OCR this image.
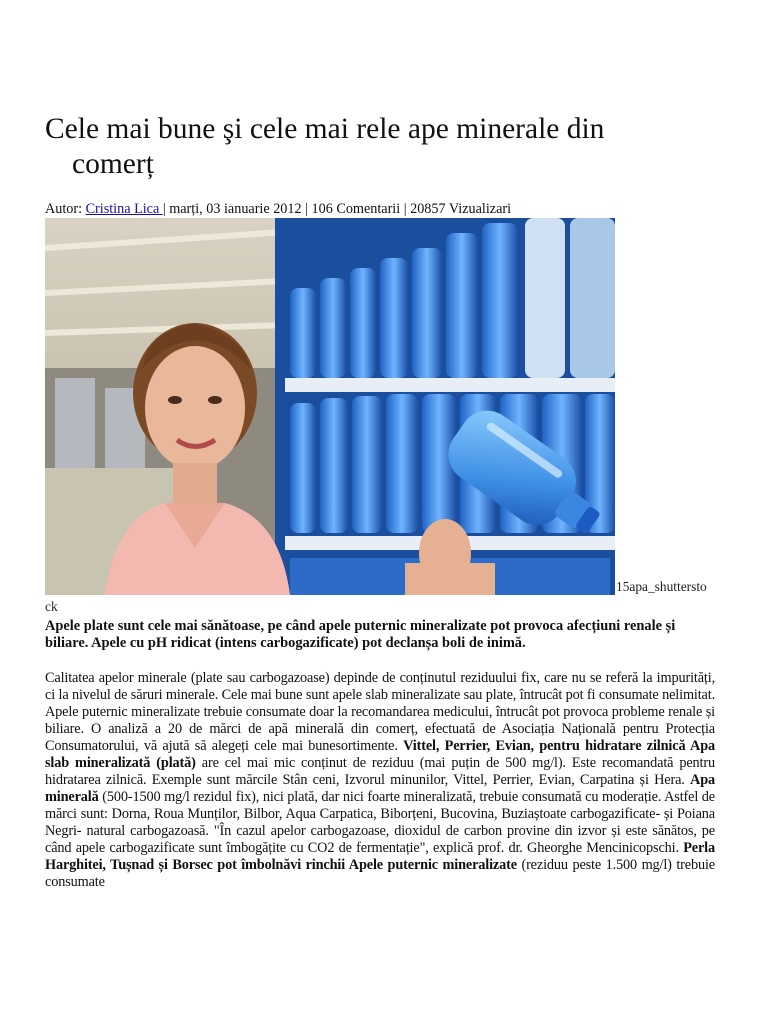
Cele mai bune şi cele mai rele ape minerale din
comerț
Autor: Cristina Lica | marți, 03 ianuarie 2012 | 106 Comentarii | 20857 Vizualizari
15apa_shuttersto
ck

Apele plate sunt cele mai sănătoase, pe când apele puternic mineralizate pot provoca afecțiuni renale și biliare. Apele cu pH ridicat (intens carbogazificate) pot declanșa boli de inimă.

Calitatea apelor minerale (plate sau carbogazoase) depinde de conținutul reziduului fix, care nu se referă la impurități, ci la nivelul de săruri minerale. Cele mai bune sunt apele slab mineralizate sau plate, întrucât pot fi consumate nelimitat. Apele puternic mineralizate trebuie consumate doar la recomandarea medicului, întrucât pot provoca probleme renale și biliare. O analiză a 20 de mărci de apă minerală din comerț, efectuată de Asociația Națională pentru Protecția Consumatorului, vă ajută să alegeți cele mai bunesortimente. Vittel, Perrier, Evian, pentru hidratare zilnică Apa slab mineralizată (plată) are cel mai mic conținut de reziduu (mai puțin de 500 mg/l). Este recomandată pentru hidratarea zilnică. Exemple sunt mărcile Stân ceni, Izvorul minunilor, Vittel, Perrier, Evian, Carpatina și Hera. Apa minerală (500-1500 mg/l rezidul fix), nici plată, dar nici foarte mineralizată, trebuie consumată cu moderație. Astfel de mărci sunt: Dorna, Roua Munților, Bilbor, Aqua Carpatica, Biborțeni, Bucovina, Buziaștoate carbogazificate- și Poiana Negri- natural carbogazoasă. "În cazul apelor carbogazoase, dioxidul de carbon provine din izvor și este sănătos, pe când apele carbogazificate sunt îmbogățite cu CO2 de fermentație", explică prof. dr. Gheorghe Mencinicopschi. Perla Harghitei, Tușnad și Borsec pot îmbolnăvi rinchii Apele puternic mineralizate (reziduu peste 1.500 mg/l) trebuie consumate
